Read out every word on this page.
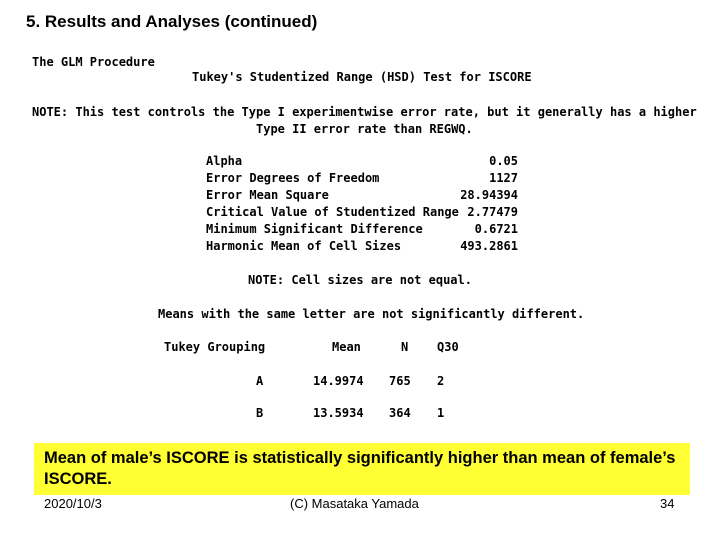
5. Results and Analyses (continued)
The GLM Procedure
Tukey's Studentized Range (HSD) Test for ISCORE
NOTE: This test controls the Type I experimentwise error rate, but it generally has a higher
Type II error rate than REGWQ.
Alpha	0.05
Error Degrees of Freedom	1127
Error Mean Square	28.94394
Critical Value of Studentized Range 2.77479
Minimum Significant Difference	0.6721
Harmonic Mean of Cell Sizes	493.2861
NOTE: Cell sizes are not equal.
Means with the same letter are not significantly different.
Tukey Grouping	Mean	N Q30
A	14.9974 765 2
B	13.5934 364 1
Mean of male’s ISCORE is statistically significantly higher than mean of female’s ISCORE.
2020/10/3	(C) Masataka Yamada	34
